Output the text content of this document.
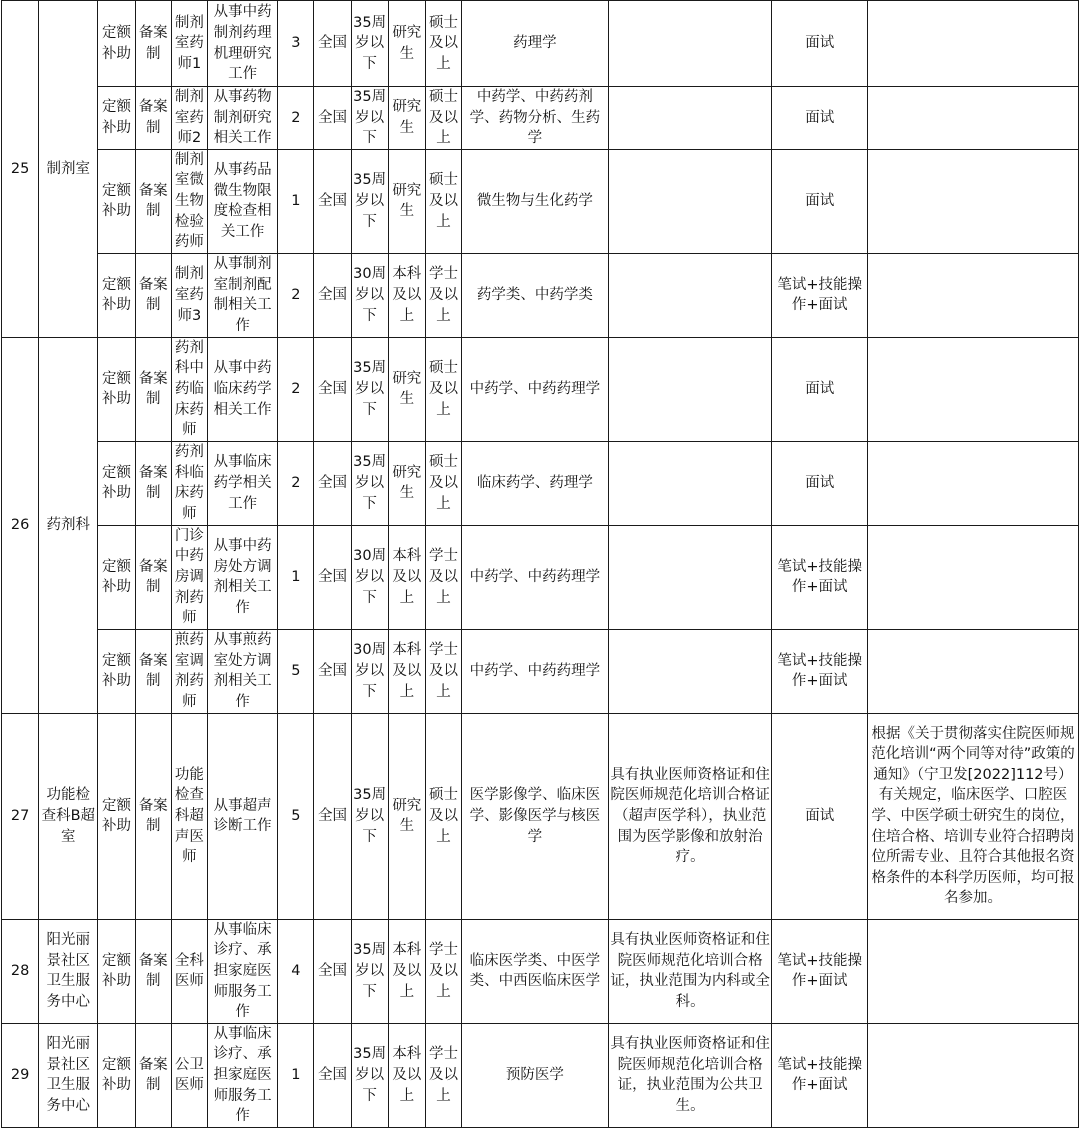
25	制剂室	定额补助	备案制	制剂室药师1	从事中药制剂药理机理研究工作	3	全国	35周岁以下	研究生	硕士及以上	药理学		面试	
		定额补助	备案制	制剂室药师2	从事药物制剂研究相关工作	2	全国	35周岁以下	研究生	硕士及以上	中药学、中药药剂学、药物分析、生药学		面试	
		定额补助	备案制	制剂室微生物检验药师	从事药品微生物限度检查相关工作	1	全国	35周岁以下	研究生	硕士及以上	微生物与生化药学		面试	
		定额补助	备案制	制剂室药师3	从事制剂室制剂配制相关工作	2	全国	30周岁以下	本科及以上	学士及以上	药学类、中药学类		笔试+技能操作+面试	
26	药剂科	定额补助	备案制	药剂科中药临床药师	从事中药临床药学相关工作	2	全国	35周岁以下	研究生	硕士及以上	中药学、中药药理学		面试	
		定额补助	备案制	药剂科临床药师	从事临床药学相关工作	2	全国	35周岁以下	研究生	硕士及以上	临床药学、药理学		面试	
		定额补助	备案制	门诊中药房调剂药师	从事中药房处方调剂相关工作	1	全国	30周岁以下	本科及以上	学士及以上	中药学、中药药理学		笔试+技能操作+面试	
		定额补助	备案制	煎药室调剂药师	从事煎药室处方调剂相关工作	5	全国	30周岁以下	本科及以上	学士及以上	中药学、中药药理学		笔试+技能操作+面试	
27	功能检查科B超室	定额补助	备案制	功能检查科超声医师	从事超声诊断工作	5	全国	35周岁以下	研究生	硕士及以上	医学影像学、临床医学、影像医学与核医学	具有执业医师资格证和住院医师规范化培训合格证（超声医学科），执业范围为医学影像和放射治疗。	面试	根据《关于贯彻落实住院医师规范化培训“两个同等对待”政策的通知》（宁卫发[2022]112号）有关规定，临床医学、口腔医学、中医学硕士研究生的岗位，住培合格、培训专业符合招聘岗位所需专业、且符合其他报名资格条件的本科学历医师，均可报名参加。
28	阳光丽景社区卫生服务中心	定额补助	备案制	全科医师	从事临床诊疗、承担家庭医师服务工作	4	全国	35周岁以下	本科及以上	学士及以上	临床医学类、中医学类、中西医临床医学	具有执业医师资格证和住院医师规范化培训合格证，执业范围为内科或全科。	笔试+技能操作+面试	
29	阳光丽景社区卫生服务中心	定额补助	备案制	公卫医师	从事临床诊疗、承担家庭医师服务工作	1	全国	35周岁以下	本科及以上	学士及以上	预防医学	具有执业医师资格证和住院医师规范化培训合格证，执业范围为公共卫生。	笔试+技能操作+面试	
